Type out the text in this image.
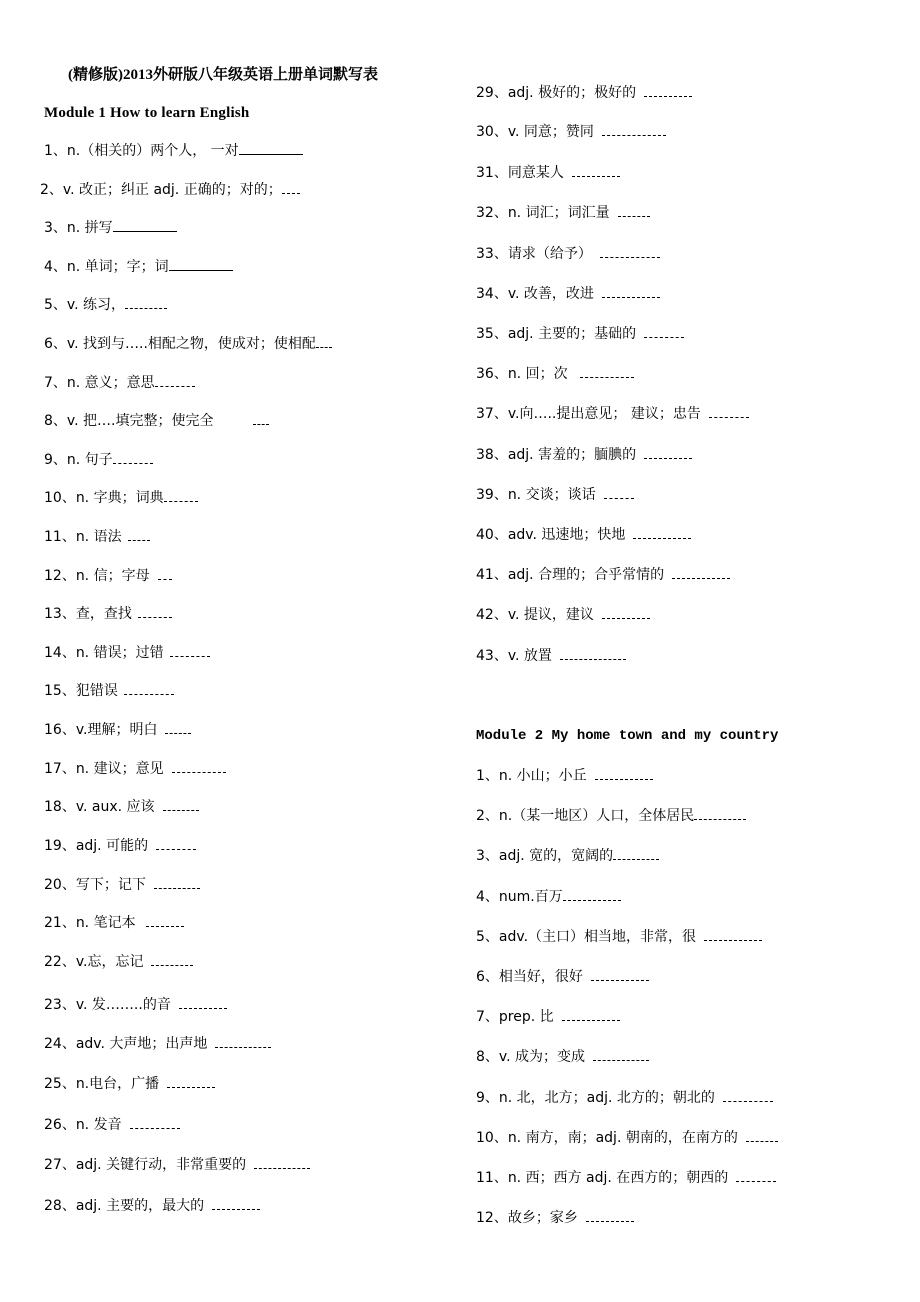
(精修版)2013外研版八年级英语上册单词默写表
Module 1 How to learn English
1、n.（相关的）两个人， 一对
2、v. 改正；纠正 adj. 正确的；对的；
3、n. 拼写
4、n. 单词；字；词
5、v. 练习，
6、v. 找到与…..相配之物，使成对；使相配
7、n. 意义；意思
8、v. 把….填完整；使完全
9、n. 句子
10、n. 字典；词典
11、n. 语法
12、n. 信；字母
13、查，查找
14、n. 错误；过错
15、犯错误
16、v.理解；明白
17、n. 建议；意见
18、v. aux. 应该
19、adj. 可能的
20、写下；记下
21、n. 笔记本
22、v.忘，忘记
23、v. 发……..的音
24、adv. 大声地；出声地
25、n.电台，广播
26、n. 发音
27、adj. 关键行动，非常重要的
28、adj. 主要的，最大的
29、adj. 极好的；极好的
30、v. 同意；赞同
31、同意某人
32、n. 词汇；词汇量
33、请求（给予）
34、v. 改善，改进
35、adj. 主要的；基础的
36、n. 回；次
37、v.向…..提出意见； 建议；忠告
38、adj. 害羞的；腼腆的
39、n. 交谈；谈话
40、adv. 迅速地；快地
41、adj. 合理的；合乎常情的
42、v. 提议，建议
43、v. 放置
Module 2 My home town and my country
1、n. 小山；小丘
2、n.（某一地区）人口，全体居民
3、adj. 宽的，宽阔的
4、num.百万
5、adv.（主口）相当地，非常，很
6、相当好，很好
7、prep. 比
8、v. 成为；变成
9、n. 北，北方；adj. 北方的；朝北的
10、n. 南方，南；adj. 朝南的，在南方的
11、n. 西；西方 adj. 在西方的；朝西的
12、故乡；家乡
